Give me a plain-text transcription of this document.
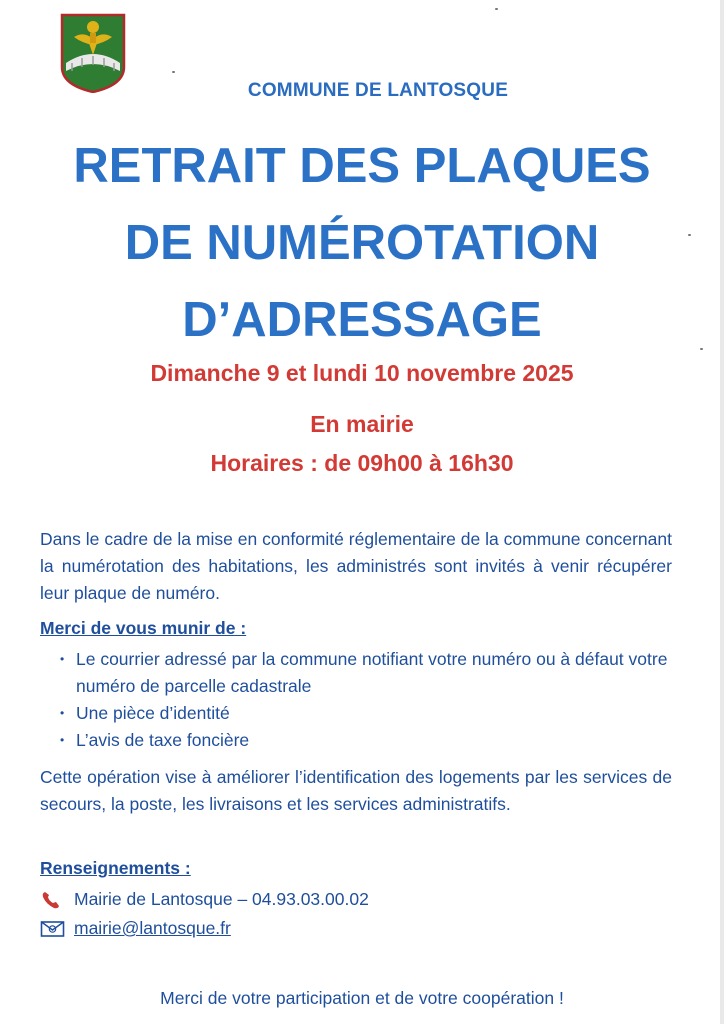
COMMUNE DE LANTOSQUE
RETRAIT DES PLAQUES
DE NUMÉROTATION
D’ADRESSAGE
Dimanche 9 et lundi 10 novembre 2025
En mairie
Horaires : de 09h00 à 16h30
Dans le cadre de la mise en conformité réglementaire de la commune concernant la numérotation des habitations, les administrés sont invités à venir récupérer leur plaque de numéro.
Merci de vous munir de :
• Le courrier adressé par la commune notifiant votre numéro ou à défaut votre numéro de parcelle cadastrale
• Une pièce d’identité
• L’avis de taxe foncière
Cette opération vise à améliorer l’identification des logements par les services de secours, la poste, les livraisons et les services administratifs.
Renseignements :
Mairie de Lantosque – 04.93.03.00.02
mairie@lantosque.fr
Merci de votre participation et de votre coopération !
